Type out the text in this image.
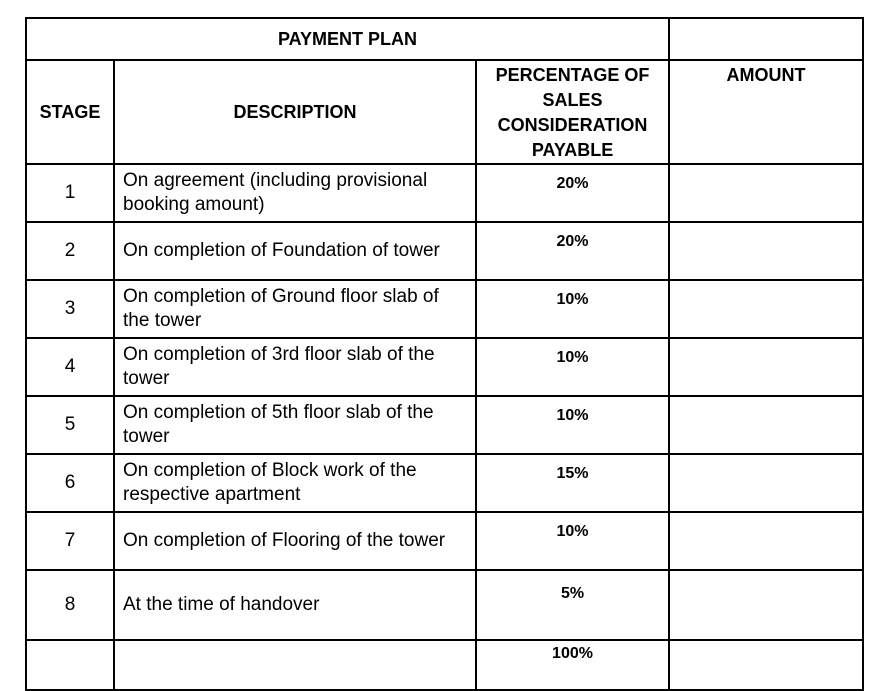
PAYMENT PLAN			
STAGE	DESCRIPTION	PERCENTAGE OF SALES CONSIDERATION PAYABLE	AMOUNT
1	On agreement (including provisional booking amount)	20%	
2	On completion of Foundation of tower	20%	
3	On completion of Ground floor slab of the tower	10%	
4	On completion of 3rd floor slab of the tower	10%	
5	On completion of 5th floor slab of the tower	10%	
6	On completion of Block work of the respective apartment	15%	
7	On completion of Flooring of the tower	10%	
8	At the time of handover	5%	
		100%	
